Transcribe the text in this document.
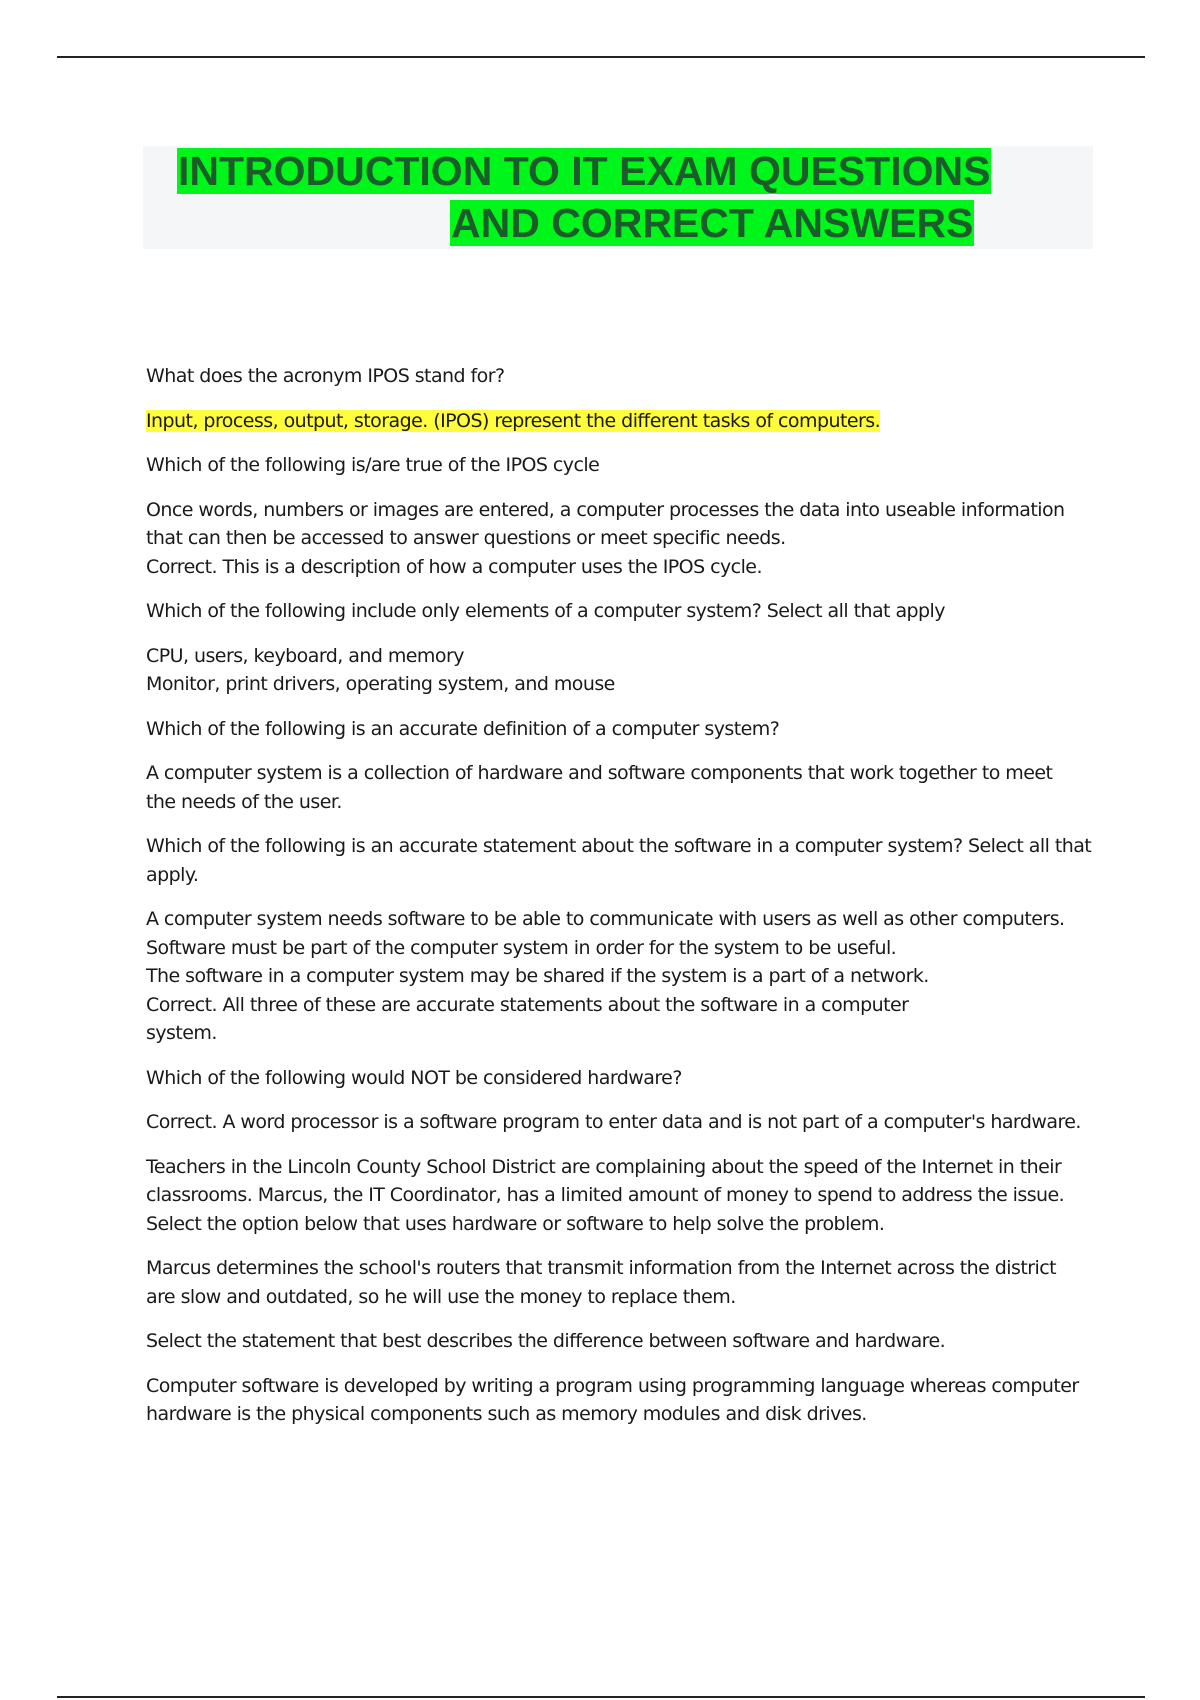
INTRODUCTION TO IT EXAM QUESTIONS
AND CORRECT ANSWERS

What does the acronym IPOS stand for?

Input, process, output, storage. (IPOS) represent the different tasks of computers.

Which of the following is/are true of the IPOS cycle

Once words, numbers or images are entered, a computer processes the data into useable information
that can then be accessed to answer questions or meet specific needs.
Correct. This is a description of how a computer uses the IPOS cycle.

Which of the following include only elements of a computer system? Select all that apply

CPU, users, keyboard, and memory
Monitor, print drivers, operating system, and mouse

Which of the following is an accurate definition of a computer system?

A computer system is a collection of hardware and software components that work together to meet
the needs of the user.

Which of the following is an accurate statement about the software in a computer system? Select all that
apply.

A computer system needs software to be able to communicate with users as well as other computers.
Software must be part of the computer system in order for the system to be useful.
The software in a computer system may be shared if the system is a part of a network.
Correct. All three of these are accurate statements about the software in a computer
system.

Which of the following would NOT be considered hardware?

Correct. A word processor is a software program to enter data and is not part of a computer's hardware.

Teachers in the Lincoln County School District are complaining about the speed of the Internet in their
classrooms. Marcus, the IT Coordinator, has a limited amount of money to spend to address the issue.
Select the option below that uses hardware or software to help solve the problem.

Marcus determines the school's routers that transmit information from the Internet across the district
are slow and outdated, so he will use the money to replace them.

Select the statement that best describes the difference between software and hardware.

Computer software is developed by writing a program using programming language whereas computer
hardware is the physical components such as memory modules and disk drives.
